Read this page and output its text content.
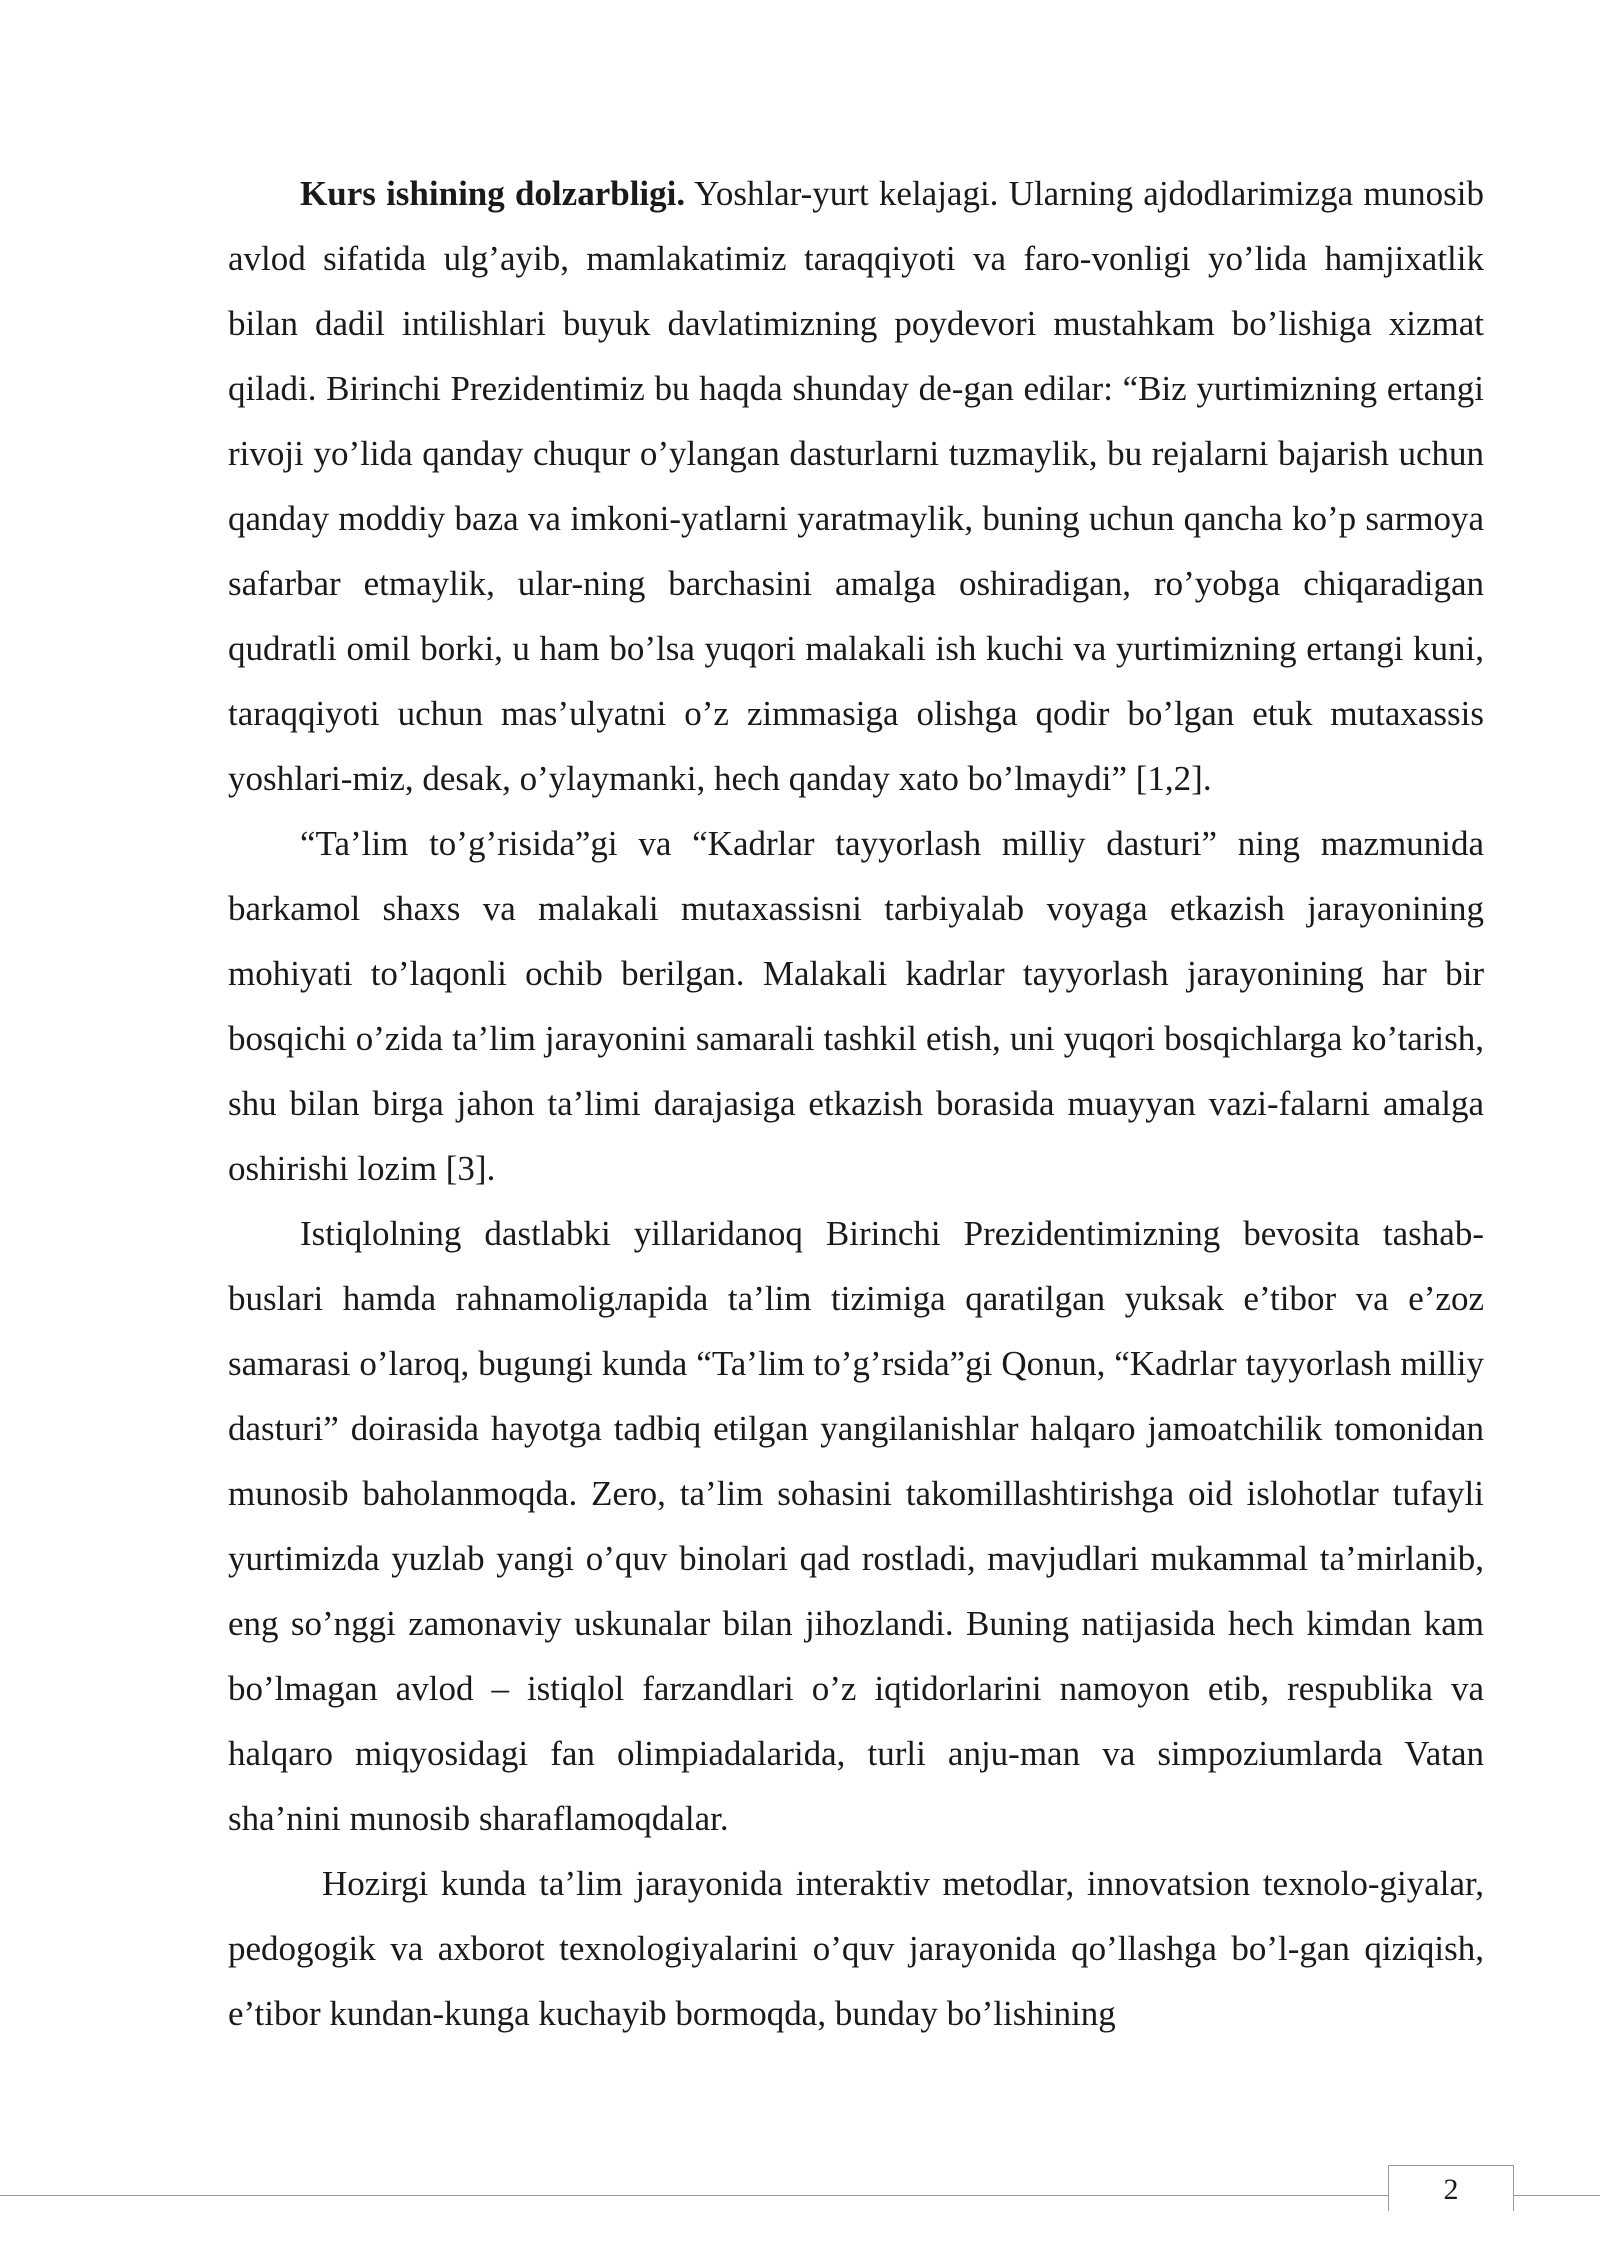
Kurs ishining dolzarbligi. Yoshlar-yurt kelajagi. Ularning ajdodlarimizga munosib avlod sifatida ulg’ayib, mamlakatimiz taraqqiyoti va faro-vonligi yo’lida hamjixatlik bilan dadil intilishlari buyuk davlatimizning poydevori mustahkam bo’lishiga xizmat qiladi. Birinchi Prezidentimiz bu haqda shunday de-gan edilar: “Biz yurtimizning ertangi rivoji yo’lida qanday chuqur o’ylangan dasturlarni tuzmaylik, bu rejalarni bajarish uchun qanday moddiy baza va imkoni-yatlarni yaratmaylik, buning uchun qancha ko’p sarmoya safarbar etmaylik, ular-ning barchasini amalga oshiradigan, ro’yobga chiqaradigan qudratli omil borki, u ham bo’lsa yuqori malakali ish kuchi va yurtimizning ertangi kuni, taraqqiyoti uchun mas’ulyatni o’z zimmasiga olishga qodir bo’lgan etuk mutaxassis yoshlari-miz, desak, o’ylaymanki, hech qanday xato bo’lmaydi” [1,2].

“Ta’lim to’g’risida”gi va “Kadrlar tayyorlash milliy dasturi” ning mazmunida barkamol shaxs va malakali mutaxassisni tarbiyalab voyaga etkazish jarayonining mohiyati to’laqonli ochib berilgan. Malakali kadrlar tayyorlash jarayonining har bir bosqichi o’zida ta’lim jarayonini samarali tashkil etish, uni yuqori bosqichlarga ko’tarish, shu bilan birga jahon ta’limi darajasiga etkazish borasida muayyan vazi-falarni amalga oshirishi lozim [3].

Istiqlolning dastlabki yillaridanoq Birinchi Prezidentimizning bevosita tashab-buslari hamda rahnamoligларida ta’lim tizimiga qaratilgan yuksak e’tibor va e’zoz samarasi o’laroq, bugungi kunda “Ta’lim to’g’rsida”gi Qonun, “Kadrlar tayyorlash milliy dasturi” doirasida hayotga tadbiq etilgan yangilanishlar halqaro jamoatchilik tomonidan munosib baholanmoqda. Zero, ta’lim sohasini takomillashtirishga oid islohotlar tufayli yurtimizda yuzlab yangi o’quv binolari qad rostladi, mavjudlari mukammal ta’mirlanib, eng so’nggi zamonaviy uskunalar bilan jihozlandi. Buning natijasida hech kimdan kam bo’lmagan avlod – istiqlol farzandlari o’z iqtidorlarini namoyon etib, respublika va halqaro miqyosidagi fan olimpiadalarida, turli anju-man va simpoziumlarda Vatan sha’nini munosib sharaflamoqdalar.

Hozirgi kunda ta’lim jarayonida interaktiv metodlar, innovatsion texnolo-giyalar, pedogogik va axborot texnologiyalarini o’quv jarayonida qo’llashga bo’l-gan qiziqish, e’tibor kundan-kunga kuchayib bormoqda, bunday bo’lishining

2
